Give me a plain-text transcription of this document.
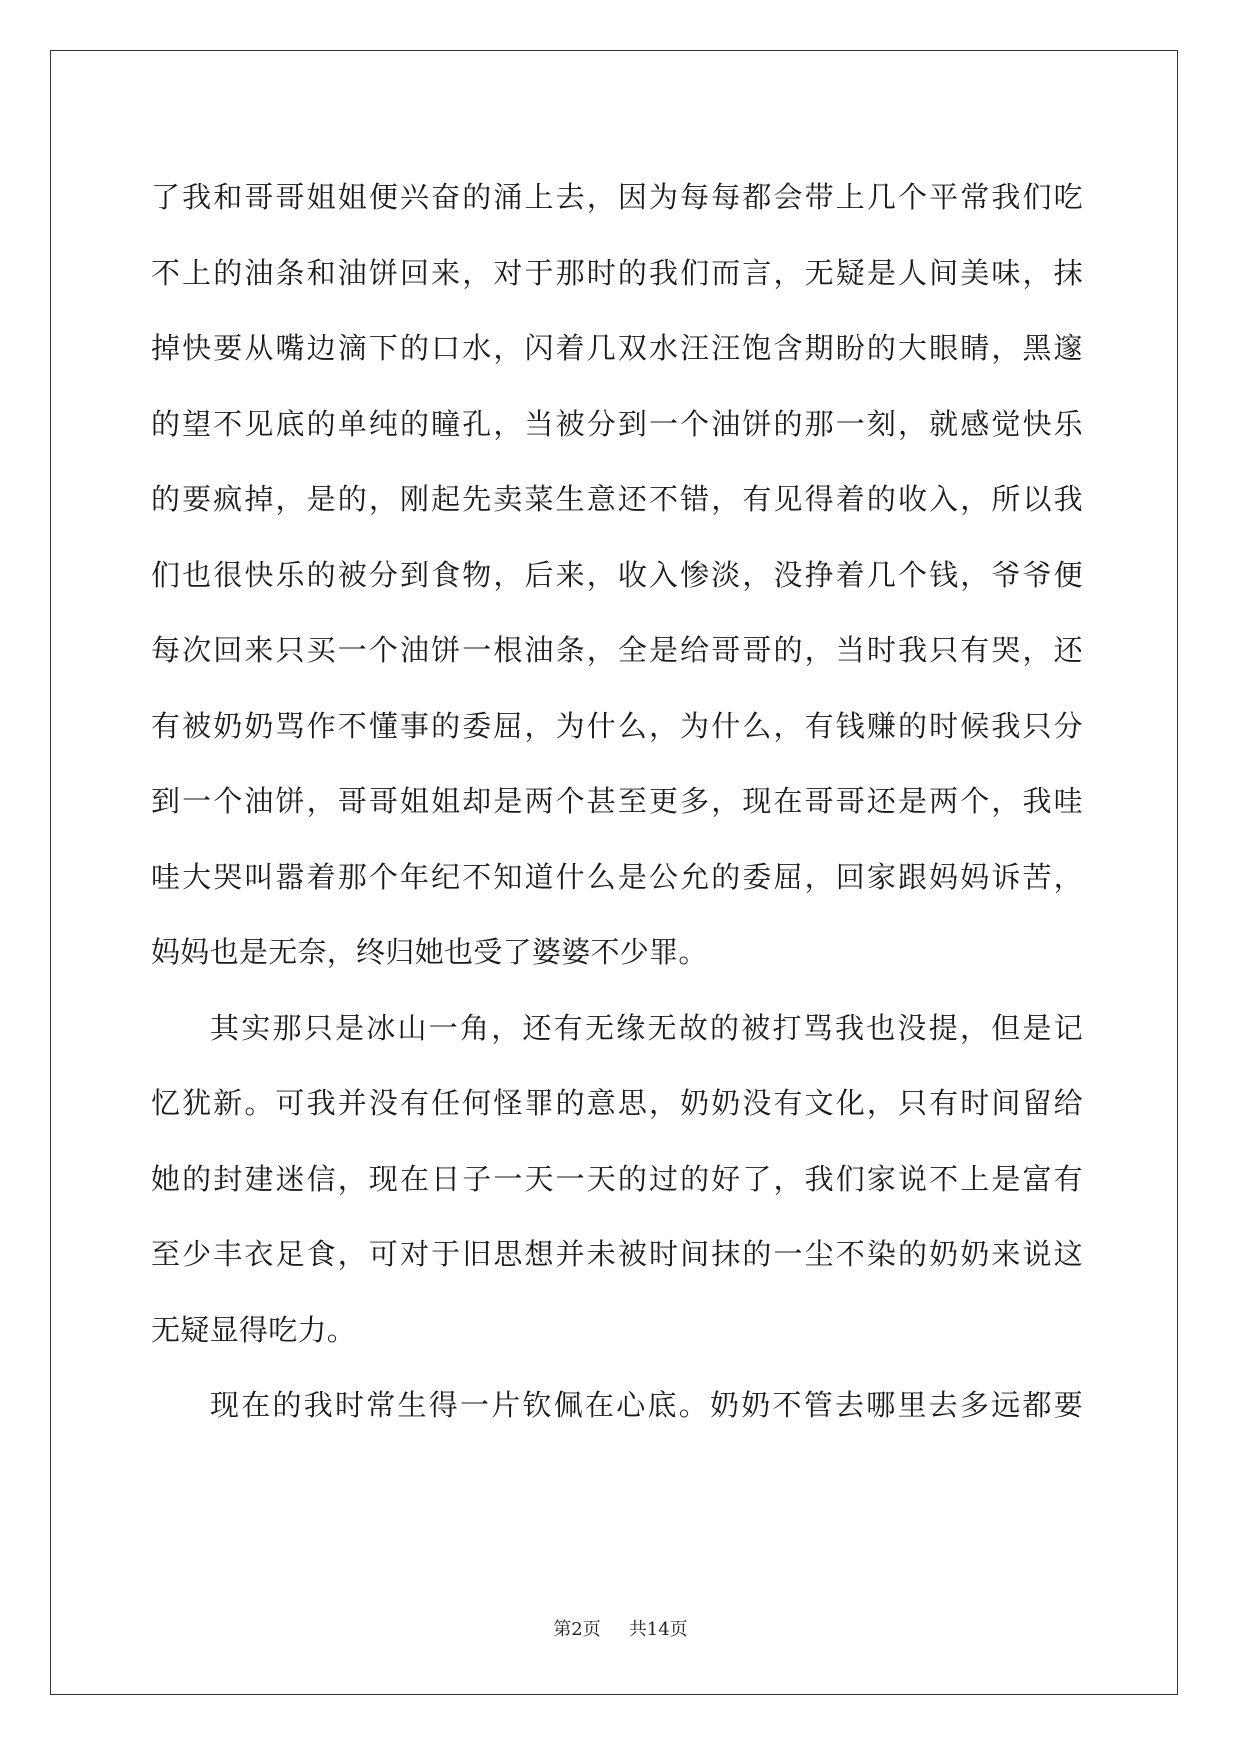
了我和哥哥姐姐便兴奋的涌上去，因为每每都会带上几个平常我们吃
不上的油条和油饼回来，对于那时的我们而言，无疑是人间美味，抹
掉快要从嘴边滴下的口水，闪着几双水汪汪饱含期盼的大眼睛，黑邃
的望不见底的单纯的瞳孔，当被分到一个油饼的那一刻，就感觉快乐
的要疯掉，是的，刚起先卖菜生意还不错，有见得着的收入，所以我
们也很快乐的被分到食物，后来，收入惨淡，没挣着几个钱，爷爷便
每次回来只买一个油饼一根油条，全是给哥哥的，当时我只有哭，还
有被奶奶骂作不懂事的委屈，为什么，为什么，有钱赚的时候我只分
到一个油饼，哥哥姐姐却是两个甚至更多，现在哥哥还是两个，我哇
哇大哭叫嚣着那个年纪不知道什么是公允的委屈，回家跟妈妈诉苦，
妈妈也是无奈，终归她也受了婆婆不少罪。
其实那只是冰山一角，还有无缘无故的被打骂我也没提，但是记
忆犹新。可我并没有任何怪罪的意思，奶奶没有文化，只有时间留给
她的封建迷信，现在日子一天一天的过的好了，我们家说不上是富有
至少丰衣足食，可对于旧思想并未被时间抹的一尘不染的奶奶来说这
无疑显得吃力。
现在的我时常生得一片钦佩在心底。奶奶不管去哪里去多远都要
第2页 共14页
